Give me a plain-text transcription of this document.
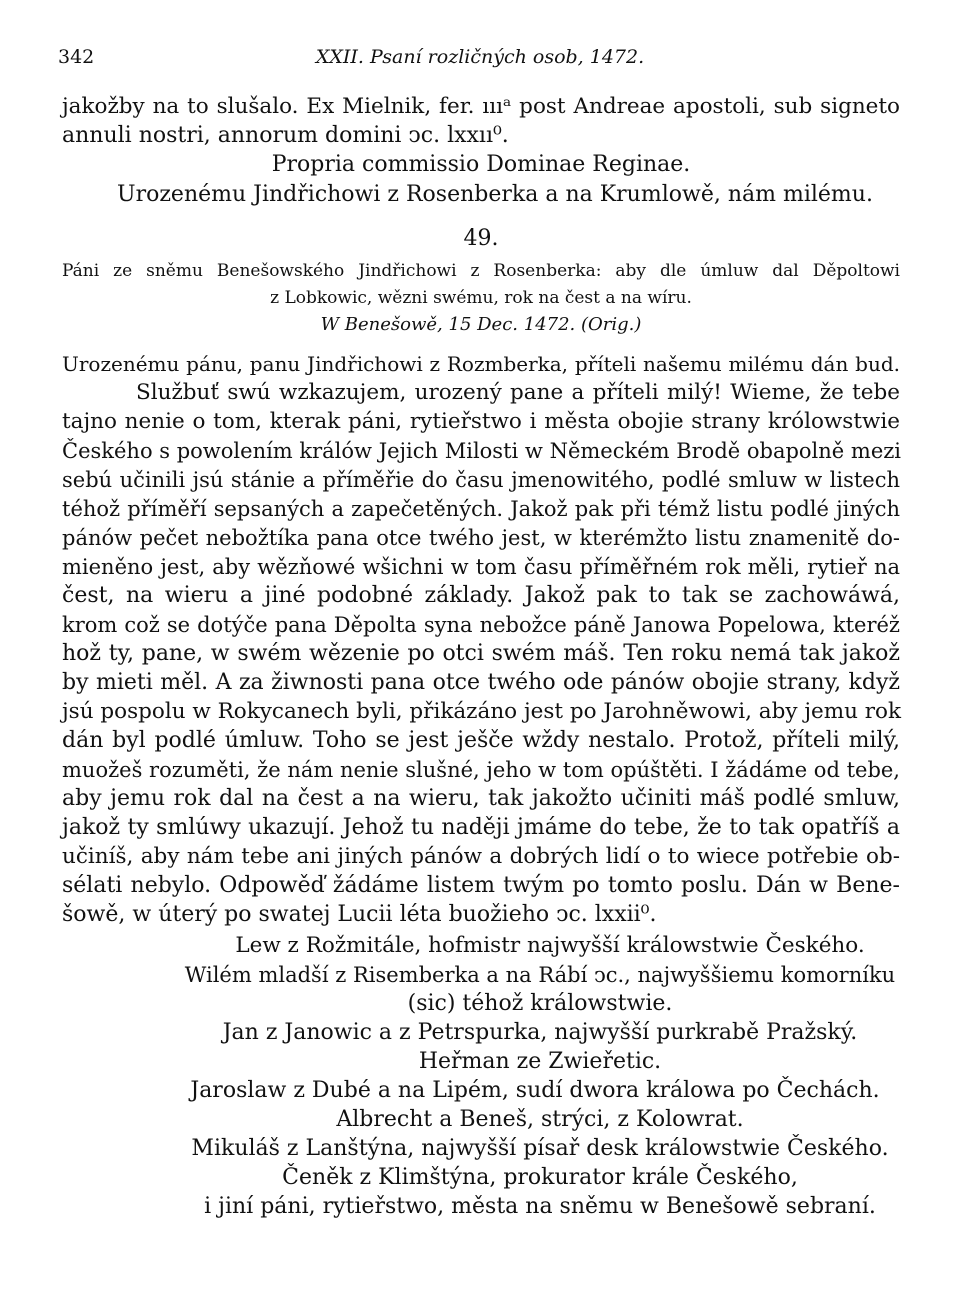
342	XXII. Psaní rozličných osob, 1472.
jakožby na to slušalo. Ex Mielnik, fer. ıııᵃ post Andreae apostoli, sub signeto
annuli nostri, annorum domini ↄc. lxxıı⁰.
Propria commissio Dominae Reginae.
Urozenému Jindřichowi z Rosenberka a na Krumlowě, nám milému.
49.
Páni ze sněmu Benešowského Jindřichowi z Rosenberka: aby dle úmluw dal Děpoltowi
z Lobkowic, wězni swému, rok na čest a na wíru.
W Benešowě, 15 Dec. 1472. (Orig.)
Urozenému pánu, panu Jindřichowi z Rozmberka, příteli našemu milému dán bud.
Službuť swú wzkazujem, urozený pane a příteli milý! Wieme, že tebe
tajno nenie o tom, kterak páni, rytieřstwo i města obojie strany królowstwie
Českého s powolením králów Jejich Milosti w Německém Brodě obapolně mezi
sebú učinili jsú stánie a příměřie do času jmenowitého, podlé smluw w listech
téhož příměří sepsaných a zapečetěných. Jakož pak při témž listu podlé jiných
pánów pečet nebožtíka pana otce twého jest, w kterémžto listu znamenitě do-
mieněno jest, aby wězňowé wšichni w tom času příměřném rok měli, rytieř na
čest, na wieru a jiné podobné základy. Jakož pak to tak se zachowáwá,
krom což se dotýče pana Děpolta syna nebožce páně Janowa Popelowa, kteréž
hož ty, pane, w swém wězenie po otci swém máš. Ten roku nemá tak jakož
by mieti měl. A za žiwnosti pana otce twého ode pánów obojie strany, když
jsú pospolu w Rokycanech byli, přikázáno jest po Jarohněwowi, aby jemu rok
dán byl podlé úmluw. Toho se jest ješče wždy nestalo. Protož, příteli milý,
muožeš rozuměti, že nám nenie slušné, jeho w tom opúštěti. I žádáme od tebe,
aby jemu rok dal na čest a na wieru, tak jakožto učiniti máš podlé smluw,
jakož ty smlúwy ukazují. Jehož tu naději jmáme do tebe, že to tak opatříš a
učiníš, aby nám tebe ani jiných pánów a dobrých lidí o to wiece potřebie ob-
sélati nebylo. Odpowěď žádáme listem twým po tomto poslu. Dán w Bene-
šowě, w úterý po swatej Lucii léta buožieho ↄc. lxxii⁰.
Lew z Rožmitále, hofmistr najwyšší králowstwie Českého.
Wilém mladší z Risemberka a na Rábí ↄc., najwyššiemu komorníku
(sic) téhož králowstwie.
Jan z Janowic a z Petrspurka, najwyšší purkrabě Pražský.
Heřman ze Zwieřetic.
Jaroslaw z Dubé a na Lipém, sudí dwora králowa po Čechách.
Albrecht a Beneš, strýci, z Kolowrat.
Mikuláš z Lanštýna, najwyšší písař desk králowstwie Českého.
Čeněk z Klimštýna, prokurator krále Českého,
i jiní páni, rytieřstwo, města na sněmu w Benešowě sebraní.
